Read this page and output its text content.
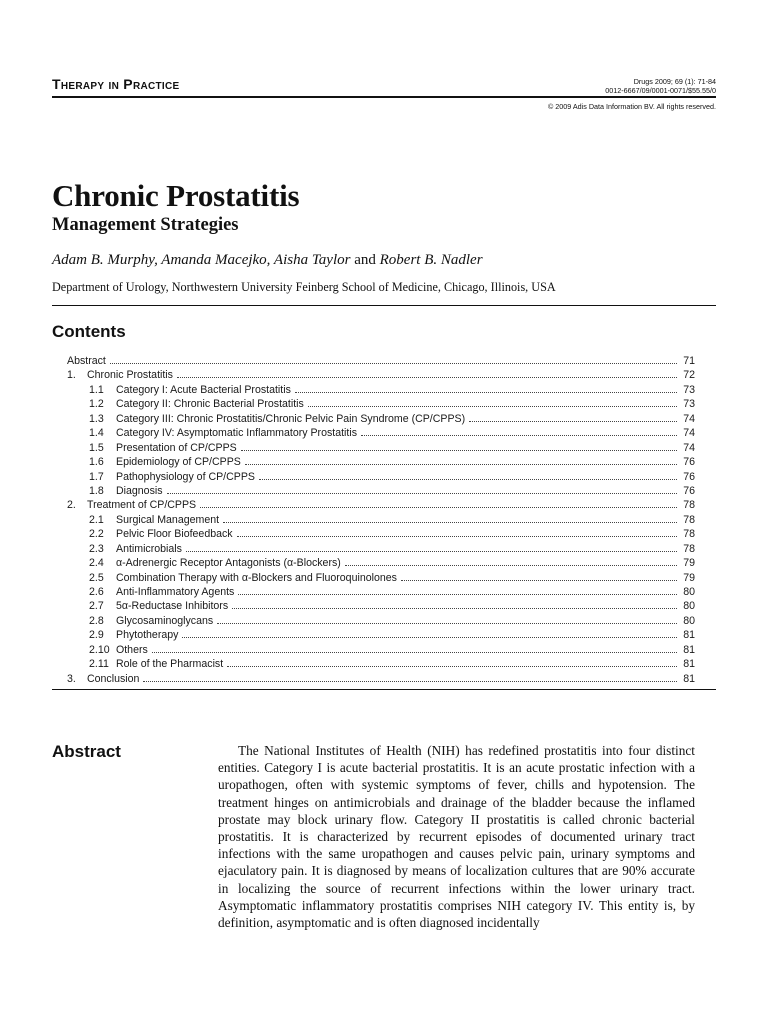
Therapy in Practice	Drugs 2009; 69 (1): 71-84
0012-6667/09/0001-0071/$55.55/0
© 2009 Adis Data Information BV. All rights reserved.
Chronic Prostatitis
Management Strategies
Adam B. Murphy, Amanda Macejko, Aisha Taylor and Robert B. Nadler
Department of Urology, Northwestern University Feinberg School of Medicine, Chicago, Illinois, USA
Contents
Abstract	71
1.	Chronic Prostatitis	72
1.1	Category I: Acute Bacterial Prostatitis	73
1.2	Category II: Chronic Bacterial Prostatitis	73
1.3	Category III: Chronic Prostatitis/Chronic Pelvic Pain Syndrome (CP/CPPS)	74
1.4	Category IV: Asymptomatic Inflammatory Prostatitis	74
1.5	Presentation of CP/CPPS	74
1.6	Epidemiology of CP/CPPS	76
1.7	Pathophysiology of CP/CPPS	76
1.8	Diagnosis	76
2.	Treatment of CP/CPPS	78
2.1	Surgical Management	78
2.2	Pelvic Floor Biofeedback	78
2.3	Antimicrobials	78
2.4	α-Adrenergic Receptor Antagonists (α-Blockers)	79
2.5	Combination Therapy with α-Blockers and Fluoroquinolones	79
2.6	Anti-Inflammatory Agents	80
2.7	5α-Reductase Inhibitors	80
2.8	Glycosaminoglycans	80
2.9	Phytotherapy	81
2.10 Others	81
2.11 Role of the Pharmacist	81
3.	Conclusion	81
Abstract	The National Institutes of Health (NIH) has redefined prostatitis into four distinct entities. Category I is acute bacterial prostatitis. It is an acute prostatic infection with a uropathogen, often with systemic symptoms of fever, chills and hypotension. The treatment hinges on antimicrobials and drainage of the bladder because the inflamed prostate may block urinary flow. Category II prostatitis is called chronic bacterial prostatitis. It is characterized by recurrent episodes of documented urinary tract infections with the same uropathogen and causes pelvic pain, urinary symptoms and ejaculatory pain. It is diagnosed by means of localization cultures that are 90% accurate in localizing the source of recurrent infections within the lower urinary tract. Asymptomatic inflammatory prostatitis comprises NIH category IV. This entity is, by definition, asymptomatic and is often diagnosed incidentally
